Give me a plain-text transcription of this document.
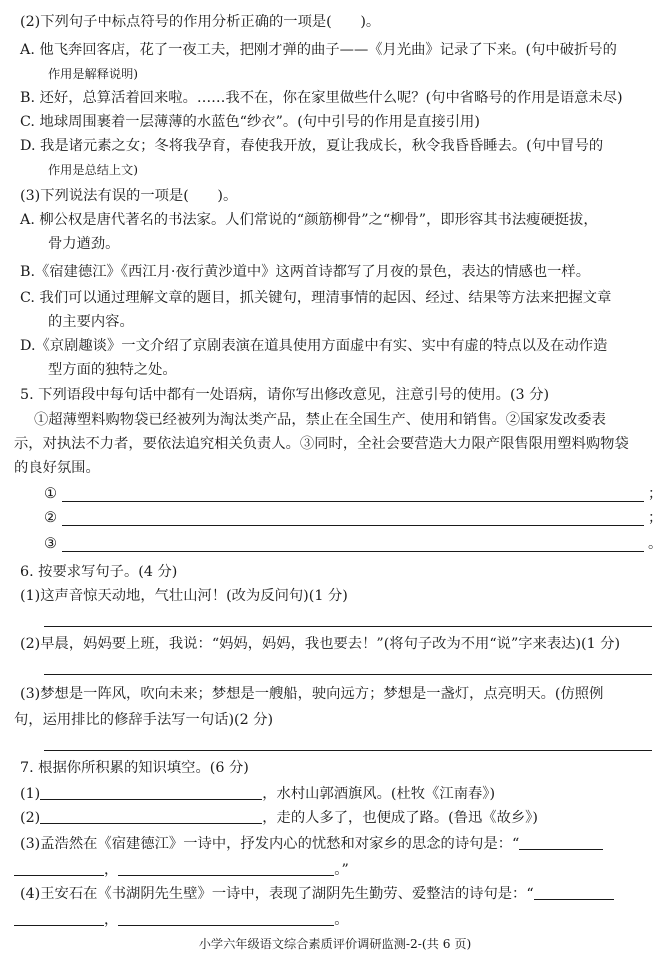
(2)下列句子中标点符号的作用分析正确的一项是(　　)。
A. 他飞奔回客店，花了一夜工夫，把刚才弹的曲子——《月光曲》记录了下来。(句中破折号的
作用是解释说明)
B. 还好，总算活着回来啦。……我不在，你在家里做些什么呢？(句中省略号的作用是语意未尽)
C. 地球周围裹着一层薄薄的水蓝色“纱衣”。(句中引号的作用是直接引用)
D. 我是诸元素之女；冬将我孕育，春使我开放，夏让我成长，秋令我昏昏睡去。(句中冒号的
作用是总结上文)
(3)下列说法有误的一项是(　　)。
A. 柳公权是唐代著名的书法家。人们常说的“颜筋柳骨”之“柳骨”，即形容其书法瘦硬挺拔，
骨力遒劲。
B.《宿建德江》《西江月·夜行黄沙道中》这两首诗都写了月夜的景色，表达的情感也一样。
C. 我们可以通过理解文章的题目，抓关键句，理清事情的起因、经过、结果等方法来把握文章
的主要内容。
D.《京剧趣谈》一文介绍了京剧表演在道具使用方面虚中有实、实中有虚的特点以及在动作造
型方面的独特之处。
5. 下列语段中每句话中都有一处语病，请你写出修改意见，注意引号的使用。(3 分)
①超薄塑料购物袋已经被列为淘汰类产品，禁止在全国生产、使用和销售。②国家发改委表
示，对执法不力者，要依法追究相关负责人。③同时，全社会要营造大力限产限售限用塑料购物袋
的良好氛围。
①	；
②	；
③	。
6. 按要求写句子。(4 分)
(1)这声音惊天动地，气壮山河！(改为反问句)(1 分)
(2)早晨，妈妈要上班，我说：“妈妈，妈妈，我也要去！”(将句子改为不用“说”字来表达)(1 分)
(3)梦想是一阵风，吹向未来；梦想是一艘船，驶向远方；梦想是一盏灯，点亮明天。(仿照例
句，运用排比的修辞手法写一句话)(2 分)
7. 根据你所积累的知识填空。(6 分)
(1)	，水村山郭酒旗风。(杜牧《江南春》)
(2)	，走的人多了，也便成了路。(鲁迅《故乡》)
(3)孟浩然在《宿建德江》一诗中，抒发内心的忧愁和对家乡的思念的诗句是：“
，	。”
(4)王安石在《书湖阴先生壁》一诗中，表现了湖阴先生勤劳、爱整洁的诗句是：“
，	。
小学六年级语文综合素质评价调研监测-2-(共 6 页)
